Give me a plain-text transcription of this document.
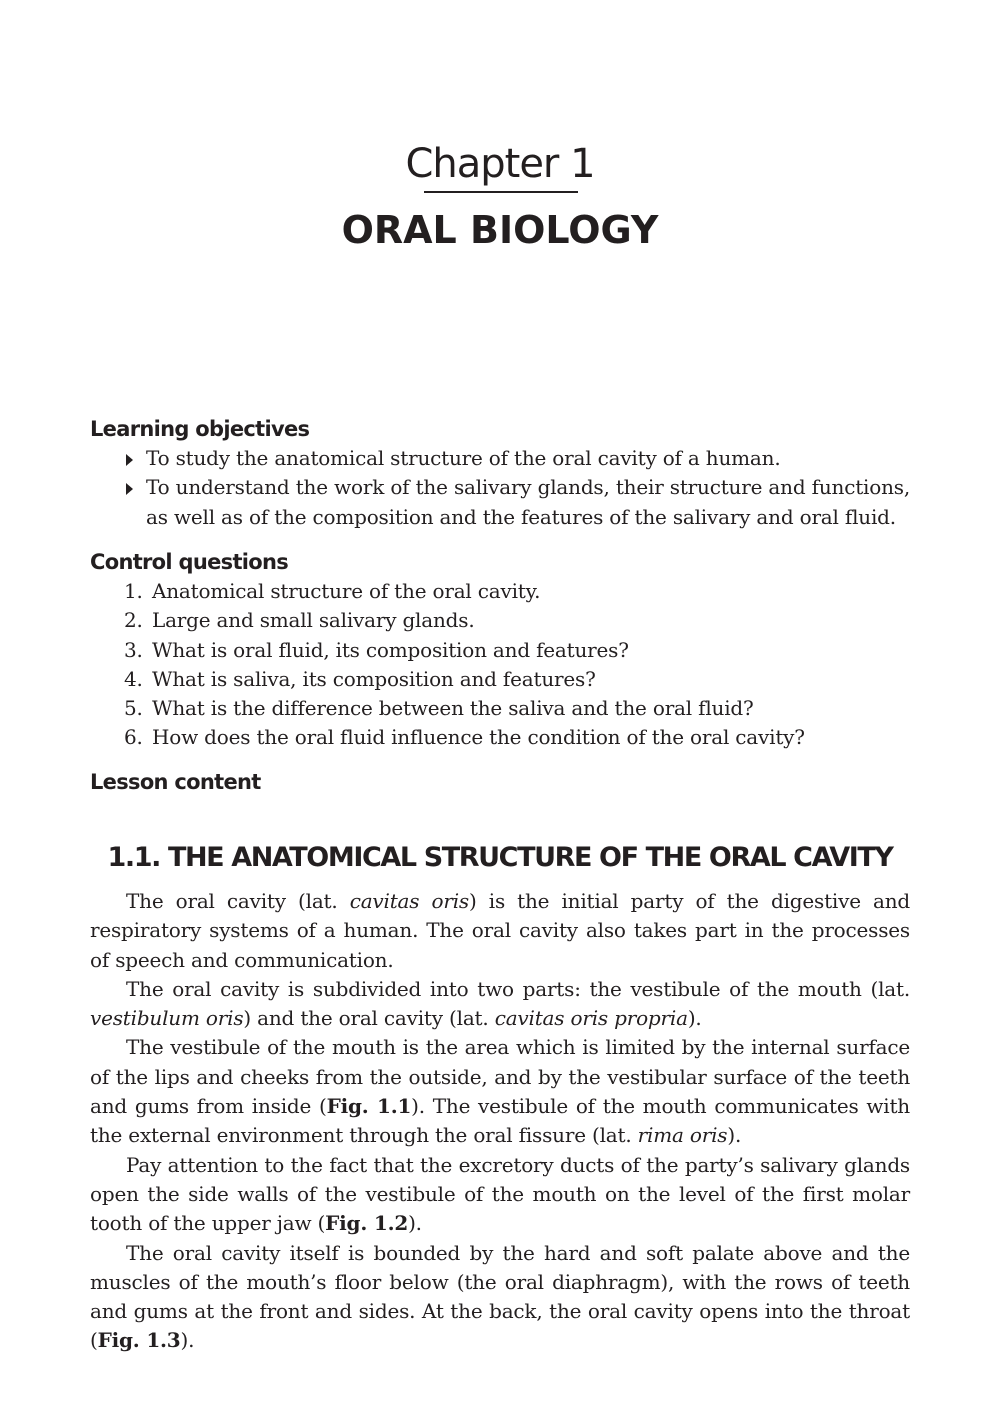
Chapter 1
ORAL BIOLOGY
Learning objectives
To study the anatomical structure of the oral cavity of a human.
To understand the work of the salivary glands, their structure and functions, as well as of the composition and the features of the salivary and oral fluid.
Control questions
1. Anatomical structure of the oral cavity.
2. Large and small salivary glands.
3. What is oral fluid, its composition and features?
4. What is saliva, its composition and features?
5. What is the difference between the saliva and the oral fluid?
6. How does the oral fluid influence the condition of the oral cavity?
Lesson content
1.1. THE ANATOMICAL STRUCTURE OF THE ORAL CAVITY

The oral cavity (lat. cavitas oris) is the initial party of the digestive and respiratory systems of a human. The oral cavity also takes part in the processes of speech and communication.

The oral cavity is subdivided into two parts: the vestibule of the mouth (lat. vestibulum oris) and the oral cavity (lat. cavitas oris propria).

The vestibule of the mouth is the area which is limited by the internal surface of the lips and cheeks from the outside, and by the vestibular surface of the teeth and gums from inside (Fig. 1.1). The vestibule of the mouth communicates with the external environment through the oral fissure (lat. rima oris).

Pay attention to the fact that the excretory ducts of the party’s salivary glands open the side walls of the vestibule of the mouth on the level of the first molar tooth of the upper jaw (Fig. 1.2).

The oral cavity itself is bounded by the hard and soft palate above and the muscles of the mouth’s floor below (the oral diaphragm), with the rows of teeth and gums at the front and sides. At the back, the oral cavity opens into the throat (Fig. 1.3).
